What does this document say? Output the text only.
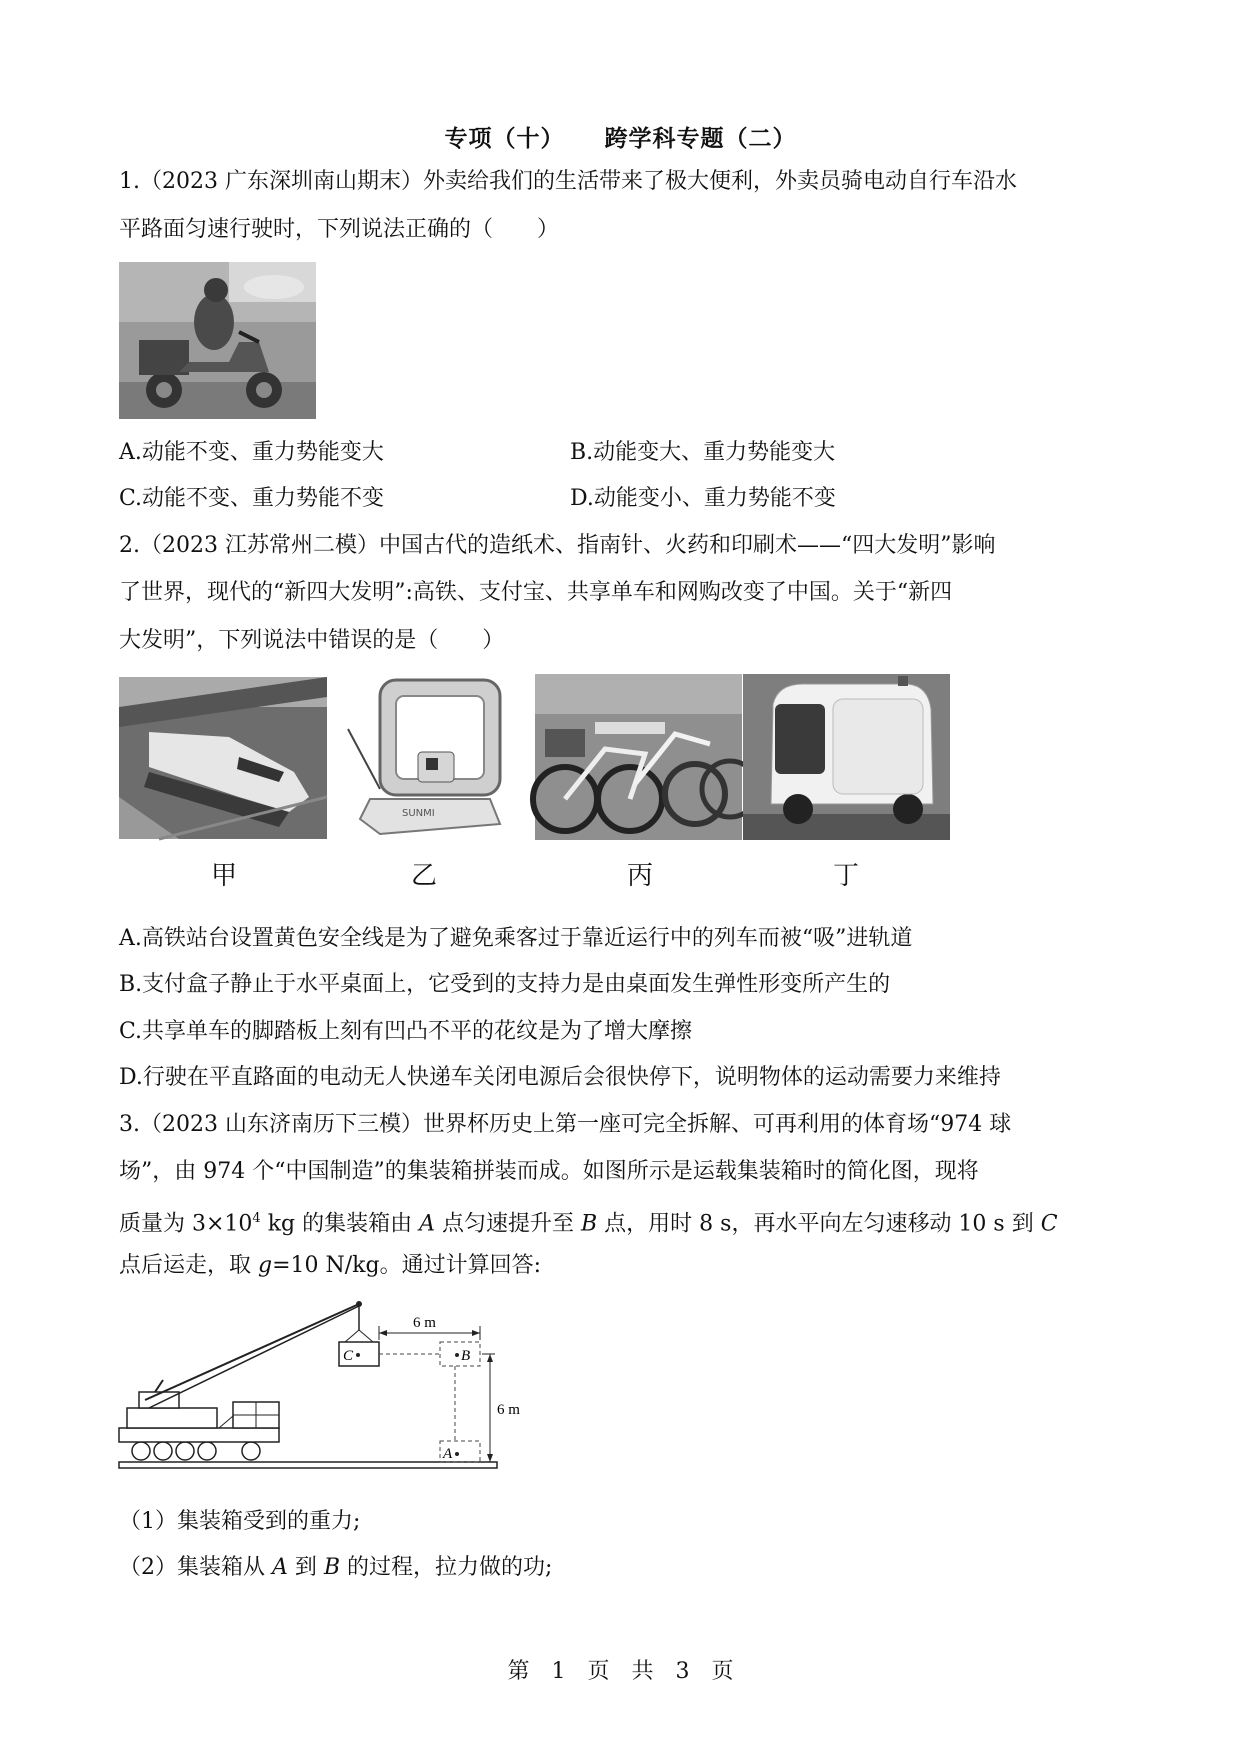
专项（十） 跨学科专题（二）
1.（2023 广东深圳南山期末）外卖给我们的生活带来了极大便利，外卖员骑电动自行车沿水
平路面匀速行驶时，下列说法正确的（　　）
A.动能不变、重力势能变大	B.动能变大、重力势能变大
C.动能不变、重力势能不变	D.动能变小、重力势能不变
2.（2023 江苏常州二模）中国古代的造纸术、指南针、火药和印刷术——“四大发明”影响
了世界，现代的“新四大发明”:高铁、支付宝、共享单车和网购改变了中国。关于“新四
大发明”，下列说法中错误的是（　　）
SUNMI
甲	乙	丙	丁
A.高铁站台设置黄色安全线是为了避免乘客过于靠近运行中的列车而被“吸”进轨道
B.支付盒子静止于水平桌面上，它受到的支持力是由桌面发生弹性形变所产生的
C.共享单车的脚踏板上刻有凹凸不平的花纹是为了增大摩擦
D.行驶在平直路面的电动无人快递车关闭电源后会很快停下，说明物体的运动需要力来维持
3.（2023 山东济南历下三模）世界杯历史上第一座可完全拆解、可再利用的体育场“974 球
场”，由 974 个“中国制造”的集装箱拼装而成。如图所示是运载集装箱时的简化图，现将
质量为 $3\times 10^4$ kg 的集装箱由 A 点匀速提升至 B 点，用时 8 s，再水平向左匀速移动 10 s 到 C
点后运走，取 g=10 N/kg。通过计算回答:
C	B
A
6 m
6 m
（1）集装箱受到的重力;
（2）集装箱从 A 到 B 的过程，拉力做的功;
第　1　页　共　3　页
